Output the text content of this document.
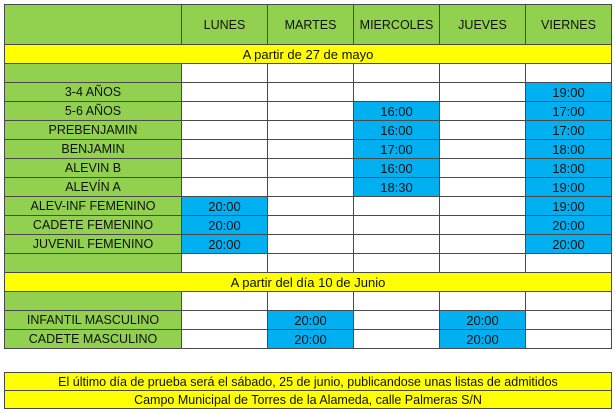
	LUNES	MARTES	MIERCOLES	JUEVES	VIERNES
A partir de 27 de mayo					

3-4 AÑOS					19:00
5-6 AÑOS			16:00		17:00
PREBENJAMIN			16:00		17:00
BENJAMIN			17:00		18:00
ALEVIN B			16:00		18:00
ALEVÍN A			18:30		19:00
ALEV-INF FEMENINO	20:00				19:00
CADETE FEMENINO	20:00				20:00
JUVENIL FEMENINO	20:00				20:00

A partir del día 10 de Junio					

INFANTIL MASCULINO		20:00		20:00	
CADETE MASCULINO		20:00		20:00	
El último día de prueba será el sábado, 25 de junio, publicandose unas listas de admitidos
Campo Municipal de Torres de la Alameda, calle Palmeras S/N
